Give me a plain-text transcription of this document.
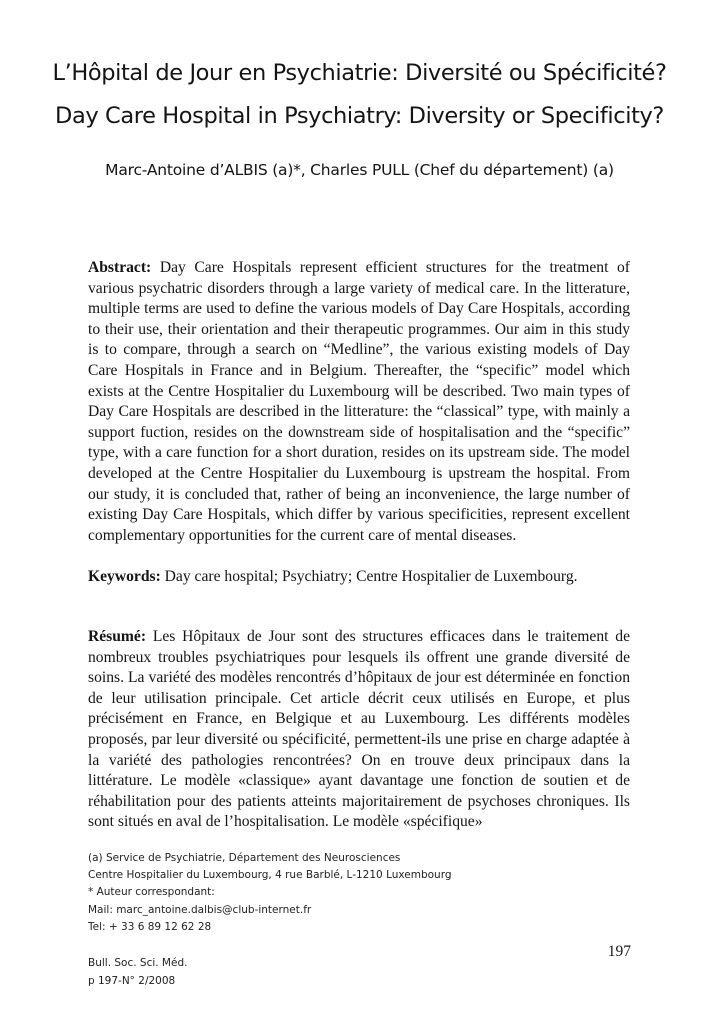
L’Hôpital de Jour en Psychiatrie: Diversité ou Spécificité?
Day Care Hospital in Psychiatry: Diversity or Specificity?
Marc-Antoine d’ALBIS (a)*, Charles PULL (Chef du département) (a)
Abstract: Day Care Hospitals represent efficient structures for the treatment of various psychatric disorders through a large variety of medical care. In the litterature, multiple terms are used to define the various models of Day Care Hospitals, according to their use, their orientation and their therapeutic programmes. Our aim in this study is to compare, through a search on “Medline”, the various existing models of Day Care Hospitals in France and in Belgium. Thereafter, the “specific” model which exists at the Centre Hospitalier du Luxembourg will be described. Two main types of Day Care Hospitals are described in the litterature: the “classical” type, with mainly a support fuction, resides on the downstream side of hospitalisation and the “specific” type, with a care function for a short duration, resides on its upstream side. The model developed at the Centre Hospitalier du Luxembourg is upstream the hospital. From our study, it is concluded that, rather of being an inconvenience, the large number of existing Day Care Hospitals, which differ by various specificities, represent excellent complementary opportunities for the current care of mental diseases.
Keywords: Day care hospital; Psychiatry; Centre Hospitalier de Luxembourg.
Résumé: Les Hôpitaux de Jour sont des structures efficaces dans le traitement de nombreux troubles psychiatriques pour lesquels ils offrent une grande diversité de soins. La variété des modèles rencontrés d’hôpitaux de jour est déterminée en fonction de leur utilisation principale. Cet article décrit ceux utilisés en Europe, et plus précisément en France, en Belgique et au Luxembourg. Les différents modèles proposés, par leur diversité ou spécificité, permettent-ils une prise en charge adaptée à la variété des pathologies rencontrées? On en trouve deux principaux dans la littérature. Le modèle «classique» ayant davantage une fonction de soutien et de réhabilitation pour des patients atteints majoritairement de psychoses chroniques. Ils sont situés en aval de l’hospitalisation. Le modèle «spécifique»
(a) Service de Psychiatrie, Département des Neurosciences
Centre Hospitalier du Luxembourg, 4 rue Barblé, L-1210 Luxembourg
* Auteur correspondant:
Mail: marc_antoine.dalbis@club-internet.fr
Tel: + 33 6 89 12 62 28
197
Bull. Soc. Sci. Méd.
p 197-N° 2/2008
